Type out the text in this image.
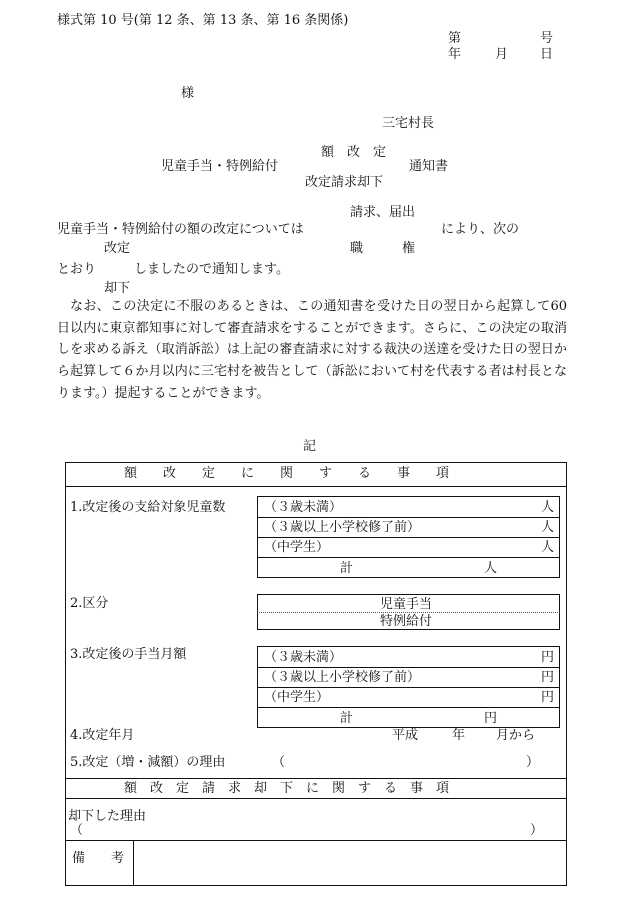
様式第 10 号(第 12 条、第 13 条、第 16 条関係)
第	号
年	月 日
様
三宅村長
額　改　定
児童手当・特例給付	通知書
改定請求却下
請求、届出
児童手当・特例給付の額の改定については	により、次の
改定	職　　　権
とおり	しましたので通知します。
却下
なお、この決定に不服のあるときは、この通知書を受けた日の翌日から起算して60日以内に東京都知事に対して審査請求をすることができます。さらに、この決定の取消しを求める訴え（取消訴訟）は上記の審査請求に対する裁決の送達を受けた日の翌日から起算して６か月以内に三宅村を被告として（訴訟において村を代表する者は村長となります。）提起することができます。
記
額　　改　　定　　に　　関　　す　　る　　事　　項
1.改定後の支給対象児童数	（３歳未満）	人
（３歳以上小学校修了前）	人
（中学生）	人
計	人
2.区分	児童手当
特例給付
3.改定後の手当月額	（３歳未満）	円
（３歳以上小学校修了前）	円
（中学生）	円
計	円
4.改定年月	平成	年 月から
5.改定（増・減額）の理由	（	）
額　改　定　請　求　却　下　に　関　す　る　事　項
却下した理由
（	）
備　　考
